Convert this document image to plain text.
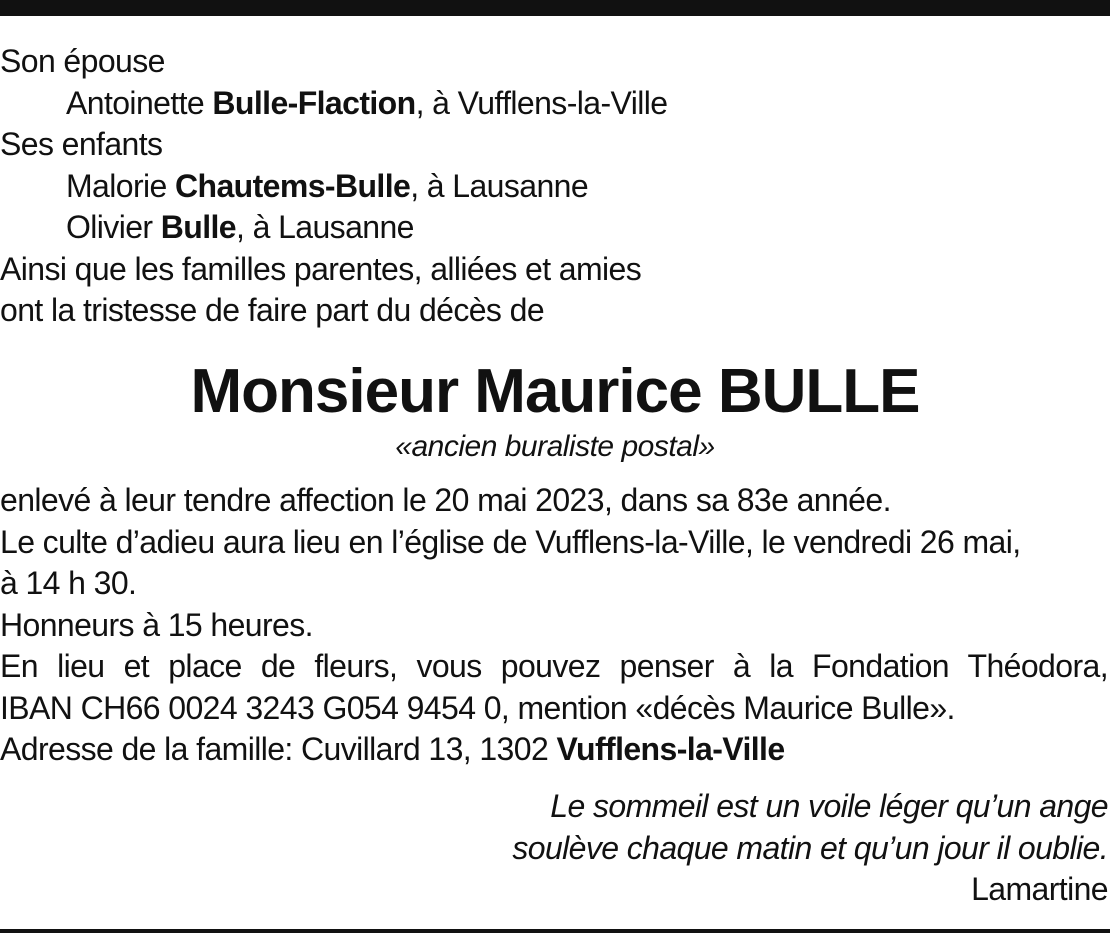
Son épouse
Antoinette Bulle-Flaction, à Vufflens-la-Ville
Ses enfants
Malorie Chautems-Bulle, à Lausanne
Olivier Bulle, à Lausanne
Ainsi que les familles parentes, alliées et amies
ont la tristesse de faire part du décès de
Monsieur Maurice BULLE
«ancien buraliste postal»
enlevé à leur tendre affection le 20 mai 2023, dans sa 83e année.
Le culte d’adieu aura lieu en l’église de Vufflens-la-Ville, le vendredi 26 mai,
à 14 h 30.
Honneurs à 15 heures.
En lieu et place de fleurs, vous pouvez penser à la Fondation Théodora,
IBAN CH66 0024 3243 G054 9454 0, mention «décès Maurice Bulle».
Adresse de la famille: Cuvillard 13, 1302 Vufflens-la-Ville
Le sommeil est un voile léger qu’un ange
soulève chaque matin et qu’un jour il oublie.
Lamartine
